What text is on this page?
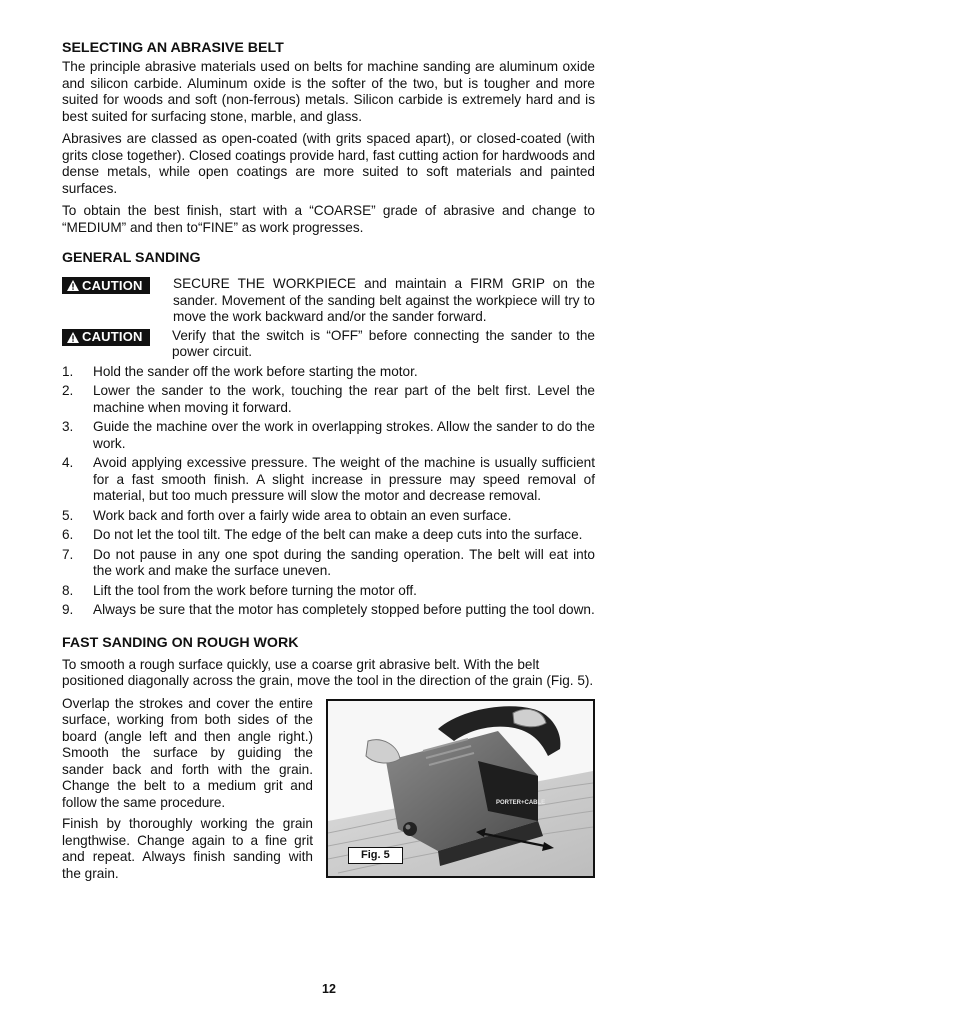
SELECTING AN ABRASIVE BELT

The principle abrasive materials used on belts for machine sanding are aluminum oxide and silicon carbide. Aluminum oxide is the softer of the two, but is tougher and more suited for woods and soft (non-ferrous) metals. Silicon carbide is extremely hard and is best suited for surfacing stone, marble, and glass.

Abrasives are classed as open-coated (with grits spaced apart), or closed-coated (with grits close together). Closed coatings provide hard, fast cutting action for hardwoods and dense metals, while open coatings are more suited to soft materials and painted surfaces.

To obtain the best finish, start with a “COARSE” grade of abrasive and change to “MEDIUM” and then to“FINE” as work progresses.

GENERAL SANDING
CAUTION SECURE THE WORKPIECE and maintain a FIRM GRIP on the sander. Movement of the sanding belt against the workpiece will try to move the work backward and/or the sander forward.
CAUTION Verify that the switch is “OFF” before connecting the sander to the power circuit.
1.	Hold the sander off the work before starting the motor.
2.	Lower the sander to the work, touching the rear part of the belt first. Level the machine when moving it forward.
3.	Guide the machine over the work in overlapping strokes. Allow the sander to do the work.
4.	Avoid applying excessive pressure. The weight of the machine is usually sufficient for a fast smooth finish. A slight increase in pressure may speed removal of material, but too much pressure will slow the motor and decrease removal.
5.	Work back and forth over a fairly wide area to obtain an even surface.
6.	Do not let the tool tilt. The edge of the belt can make a deep cuts into the surface.
7.	Do not pause in any one spot during the sanding operation. The belt will eat into the work and make the surface uneven.
8.	Lift the tool from the work before turning the motor off.
9.	Always be sure that the motor has completely stopped before putting the tool down.
FAST SANDING ON ROUGH WORK

To smooth a rough surface quickly, use a coarse grit abrasive belt. With the belt positioned diagonally across the grain, move the tool in the direction of the grain (Fig. 5).

Overlap the strokes and cover the entire surface, working from both sides of the board (angle left and then angle right.) Smooth the surface by guiding the sander back and forth with the grain. Change the belt to a medium grit and follow the same procedure.

Finish by thoroughly working the grain lengthwise. Change again to a fine grit and repeat. Always finish sanding with the grain.

PORTER+CABLE
Fig. 5
12
